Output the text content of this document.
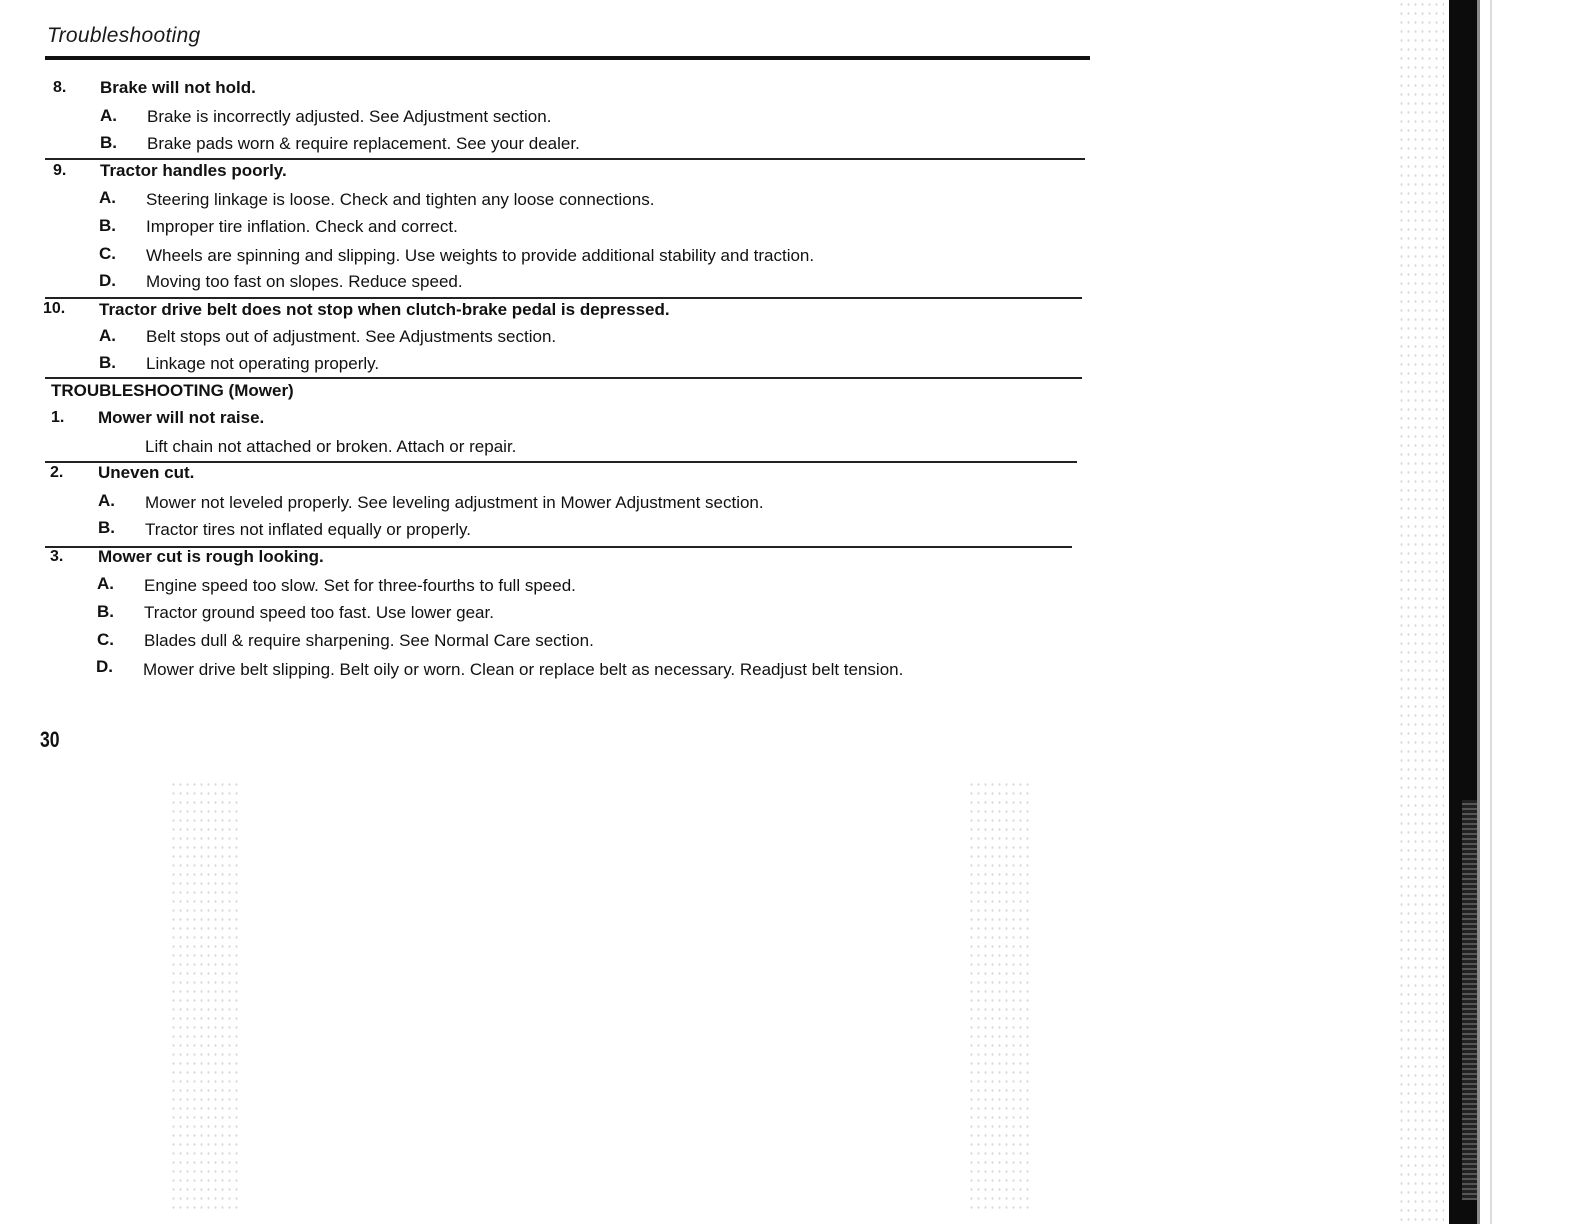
Troubleshooting
8. Brake will not hold.
A. Brake is incorrectly adjusted. See Adjustment section.
B. Brake pads worn & require replacement. See your dealer.
9. Tractor handles poorly.
A. Steering linkage is loose. Check and tighten any loose connections.
B. Improper tire inflation. Check and correct.
C. Wheels are spinning and slipping. Use weights to provide additional stability and traction.
D. Moving too fast on slopes. Reduce speed.
10. Tractor drive belt does not stop when clutch-brake pedal is depressed.
A. Belt stops out of adjustment. See Adjustments section.
B. Linkage not operating properly.
TROUBLESHOOTING (Mower)
1. Mower will not raise.
Lift chain not attached or broken. Attach or repair.
2. Uneven cut.
A. Mower not leveled properly. See leveling adjustment in Mower Adjustment section.
B. Tractor tires not inflated equally or properly.
3. Mower cut is rough looking.
A. Engine speed too slow. Set for three-fourths to full speed.
B. Tractor ground speed too fast. Use lower gear.
C. Blades dull & require sharpening. See Normal Care section.
D. Mower drive belt slipping. Belt oily or worn. Clean or replace belt as necessary. Readjust belt tension.
30
